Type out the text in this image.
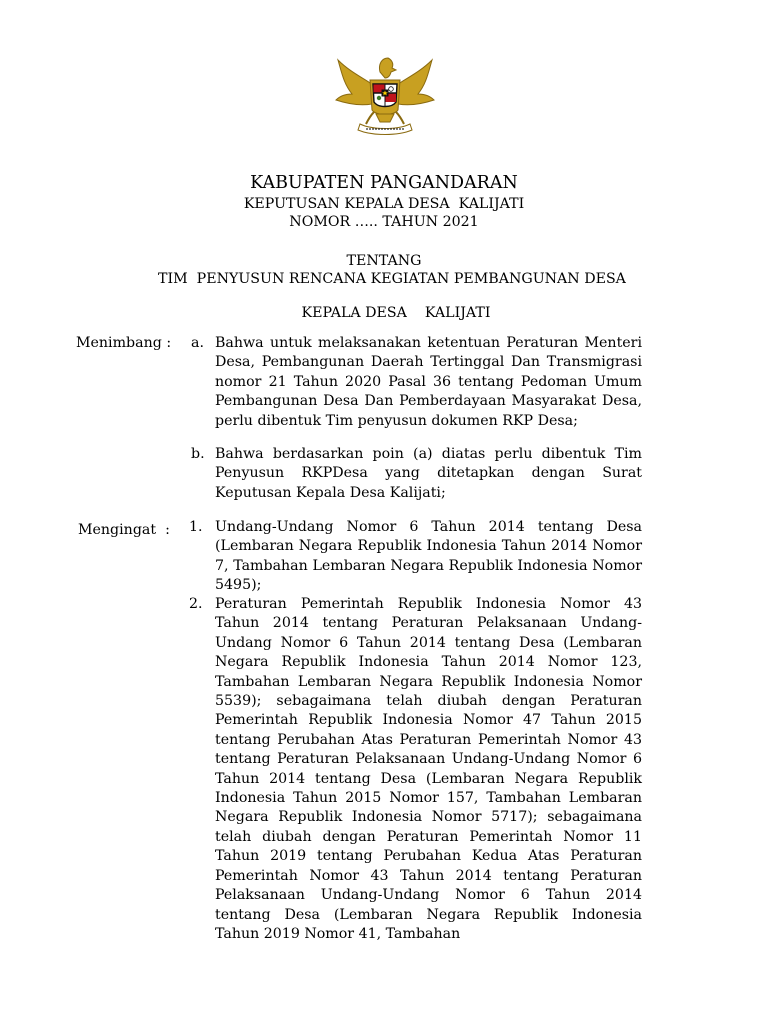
KABUPATEN PANGANDARAN
KEPUTUSAN KEPALA DESA  KALIJATI
NOMOR ….. TAHUN 2021
TENTANG
TIM  PENYUSUN RENCANA KEGIATAN PEMBANGUNAN DESA
KEPALA DESA    KALIJATI
Menimbang : a. Bahwa untuk melaksanakan ketentuan Peraturan Menteri Desa, Pembangunan Daerah Tertinggal Dan Transmigrasi nomor 21 Tahun 2020 Pasal 36 tentang Pedoman Umum Pembangunan Desa Dan Pemberdayaan Masyarakat Desa, perlu dibentuk Tim penyusun dokumen RKP Desa;
b. Bahwa berdasarkan poin (a) diatas perlu dibentuk Tim Penyusun RKPDesa yang ditetapkan dengan Surat Keputusan Kepala Desa Kalijati;
Mengingat  : 1. Undang-Undang Nomor 6 Tahun 2014 tentang Desa (Lembaran Negara Republik Indonesia Tahun 2014 Nomor 7, Tambahan Lembaran Negara Republik Indonesia Nomor 5495);
2. Peraturan Pemerintah Republik Indonesia Nomor 43 Tahun 2014 tentang Peraturan Pelaksanaan Undang-Undang Nomor 6 Tahun 2014 tentang Desa (Lembaran Negara Republik Indonesia Tahun 2014 Nomor 123, Tambahan Lembaran Negara Republik Indonesia Nomor 5539); sebagaimana telah diubah dengan Peraturan Pemerintah Republik Indonesia Nomor 47 Tahun 2015 tentang Perubahan Atas Peraturan Pemerintah Nomor 43 tentang Peraturan Pelaksanaan Undang-Undang Nomor 6 Tahun 2014 tentang Desa (Lembaran Negara Republik Indonesia Tahun 2015 Nomor 157, Tambahan Lembaran Negara Republik Indonesia Nomor 5717); sebagaimana telah diubah dengan Peraturan Pemerintah Nomor 11 Tahun 2019 tentang Perubahan Kedua Atas Peraturan Pemerintah Nomor 43 Tahun 2014 tentang Peraturan Pelaksanaan Undang-Undang Nomor 6 Tahun 2014 tentang Desa (Lembaran Negara Republik Indonesia Tahun 2019 Nomor 41, Tambahan
